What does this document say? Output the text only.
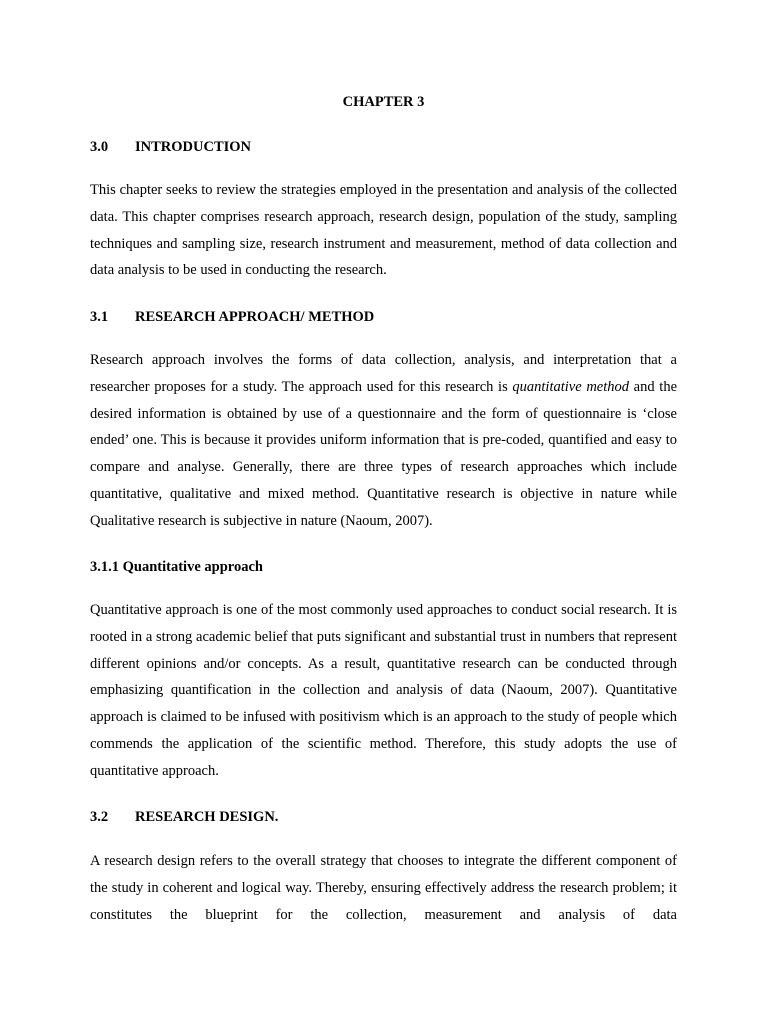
CHAPTER 3
3.0 INTRODUCTION

This chapter seeks to review the strategies employed in the presentation and analysis of the collected data. This chapter comprises research approach, research design, population of the study, sampling techniques and sampling size, research instrument and measurement, method of data collection and data analysis to be used in conducting the research.

3.1 RESEARCH APPROACH/ METHOD

Research approach involves the forms of data collection, analysis, and interpretation that a researcher proposes for a study. The approach used for this research is quantitative method and the desired information is obtained by use of a questionnaire and the form of questionnaire is ‘close ended’ one. This is because it provides uniform information that is pre-coded, quantified and easy to compare and analyse. Generally, there are three types of research approaches which include quantitative, qualitative and mixed method. Quantitative research is objective in nature while Qualitative research is subjective in nature (Naoum, 2007).

3.1.1 Quantitative approach

Quantitative approach is one of the most commonly used approaches to conduct social research. It is rooted in a strong academic belief that puts significant and substantial trust in numbers that represent different opinions and/or concepts. As a result, quantitative research can be conducted through emphasizing quantification in the collection and analysis of data (Naoum, 2007). Quantitative approach is claimed to be infused with positivism which is an approach to the study of people which commends the application of the scientific method. Therefore, this study adopts the use of quantitative approach.

3.2 RESEARCH DESIGN.

A research design refers to the overall strategy that chooses to integrate the different component of the study in coherent and logical way. Thereby, ensuring effectively address the research problem; it constitutes the blueprint for the collection, measurement and analysis of data
